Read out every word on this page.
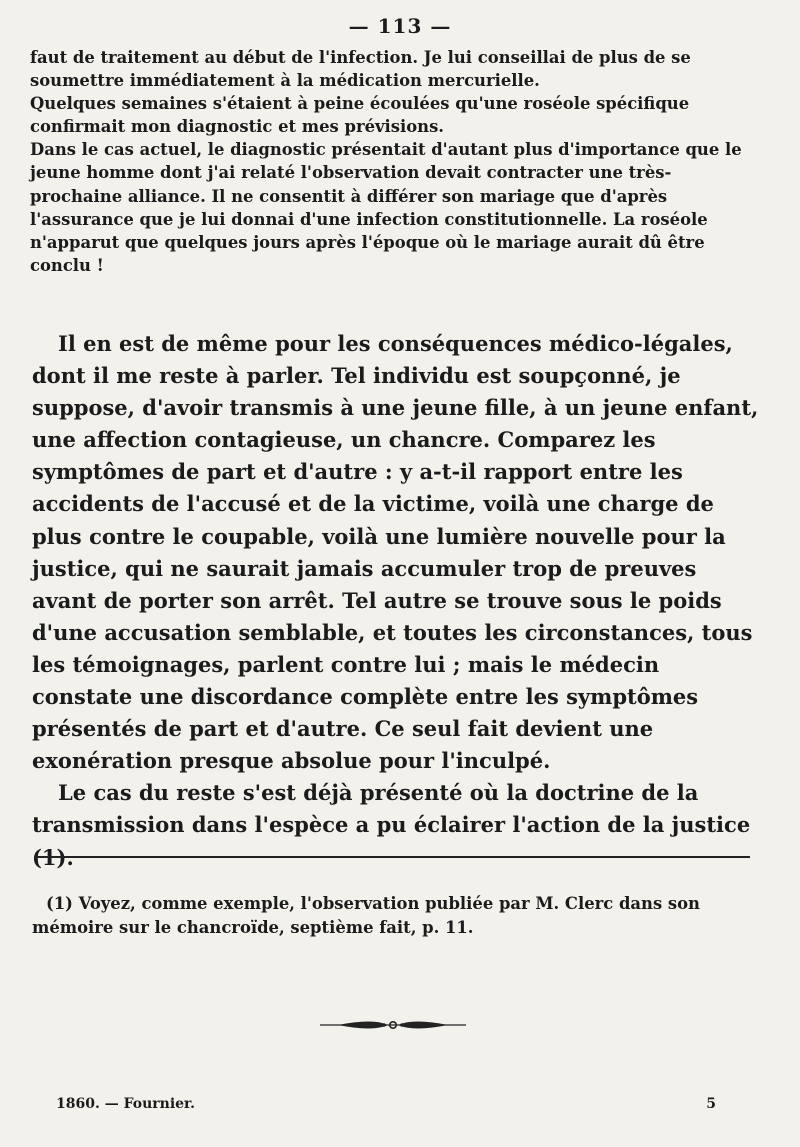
— 113 —

faut de traitement au début de l'infection. Je lui conseillai de plus de se soumettre immédiatement à la médication mercurielle.

Quelques semaines s'étaient à peine écoulées qu'une roséole spécifique confirmait mon diagnostic et mes prévisions.

Dans le cas actuel, le diagnostic présentait d'autant plus d'importance que le jeune homme dont j'ai relaté l'observation devait contracter une très-prochaine alliance. Il ne consentit à différer son mariage que d'après l'assurance que je lui donnai d'une infection constitutionnelle. La roséole n'apparut que quelques jours après l'époque où le mariage aurait dû être conclu !

Il en est de même pour les conséquences médico-légales, dont il me reste à parler. Tel individu est soupçonné, je suppose, d'avoir transmis à une jeune fille, à un jeune enfant, une affection contagieuse, un chancre. Comparez les symptômes de part et d'autre : y a-t-il rapport entre les accidents de l'accusé et de la victime, voilà une charge de plus contre le coupable, voilà une lumière nouvelle pour la justice, qui ne saurait jamais accumuler trop de preuves avant de porter son arrêt. Tel autre se trouve sous le poids d'une accusation semblable, et toutes les circonstances, tous les témoignages, parlent contre lui ; mais le médecin constate une discordance complète entre les symptômes présentés de part et d'autre. Ce seul fait devient une exonération presque absolue pour l'inculpé.

Le cas du reste s'est déjà présenté où la doctrine de la transmission dans l'espèce a pu éclairer l'action de la justice (1).

(1) Voyez, comme exemple, l'observation publiée par M. Clerc dans son mémoire sur le chancroïde, septième fait, p. 11.

1860. — Fournier.	5
